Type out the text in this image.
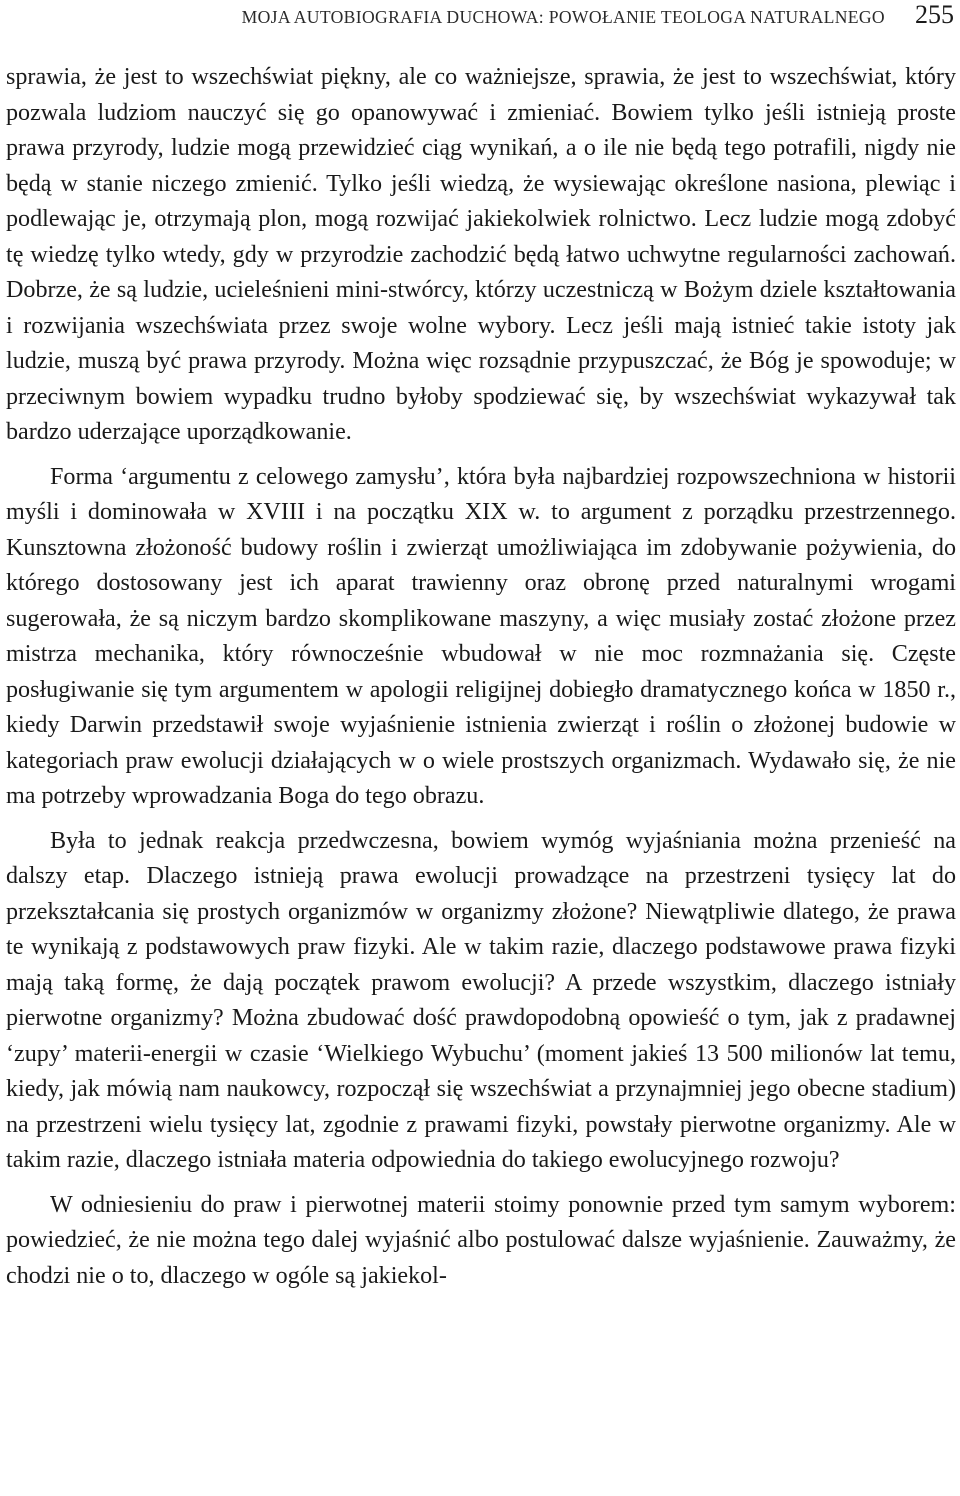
MOJA AUTOBIOGRAFIA DUCHOWA: POWOŁANIE TEOLOGA NATURALNEGO 255

sprawia, że jest to wszechświat piękny, ale co ważniejsze, sprawia, że jest to wszechświat, który pozwala ludziom nauczyć się go opanowywać i zmieniać. Bowiem tylko jeśli istnieją proste prawa przyrody, ludzie mogą przewidzieć ciąg wynikań, a o ile nie będą tego potrafili, nigdy nie będą w stanie niczego zmienić. Tylko jeśli wiedzą, że wysiewając określone nasiona, plewiąc i podlewając je, otrzymają plon, mogą rozwijać jakiekolwiek rolnictwo. Lecz ludzie mogą zdobyć tę wiedzę tylko wtedy, gdy w przyrodzie zachodzić będą łatwo uchwytne regularności zachowań. Dobrze, że są ludzie, ucieleśnieni mini-stwórcy, którzy uczestniczą w Bożym dziele kształtowania i rozwijania wszechświata przez swoje wolne wybory. Lecz jeśli mają istnieć takie istoty jak ludzie, muszą być prawa przyrody. Można więc rozsądnie przypuszczać, że Bóg je spowoduje; w przeciwnym bowiem wypadku trudno byłoby spodziewać się, by wszechświat wykazywał tak bardzo uderzające uporządkowanie.

Forma ‘argumentu z celowego zamysłu’, która była najbardziej rozpowszechniona w historii myśli i dominowała w XVIII i na początku XIX w. to argument z porządku przestrzennego. Kunsztowna złożoność budowy roślin i zwierząt umożliwiająca im zdobywanie pożywienia, do którego dostosowany jest ich aparat trawienny oraz obronę przed naturalnymi wrogami sugerowała, że są niczym bardzo skomplikowane maszyny, a więc musiały zostać złożone przez mistrza mechanika, który równocześnie wbudował w nie moc rozmnażania się. Częste posługiwanie się tym argumentem w apologii religijnej dobiegło dramatycznego końca w 1850 r., kiedy Darwin przedstawił swoje wyjaśnienie istnienia zwierząt i roślin o złożonej budowie w kategoriach praw ewolucji działających w o wiele prostszych organizmach. Wydawało się, że nie ma potrzeby wprowadzania Boga do tego obrazu.

Była to jednak reakcja przedwczesna, bowiem wymóg wyjaśniania można przenieść na dalszy etap. Dlaczego istnieją prawa ewolucji prowadzące na przestrzeni tysięcy lat do przekształcania się prostych organizmów w organizmy złożone? Niewątpliwie dlatego, że prawa te wynikają z podstawowych praw fizyki. Ale w takim razie, dlaczego podstawowe prawa fizyki mają taką formę, że dają początek prawom ewolucji? A przede wszystkim, dlaczego istniały pierwotne organizmy? Można zbudować dość prawdopodobną opowieść o tym, jak z pradawnej ‘zupy’ materii-energii w czasie ‘Wielkiego Wybuchu’ (moment jakieś 13 500 milionów lat temu, kiedy, jak mówią nam naukowcy, rozpoczął się wszechświat a przynajmniej jego obecne stadium) na przestrzeni wielu tysięcy lat, zgodnie z prawami fizyki, powstały pierwotne organizmy. Ale w takim razie, dlaczego istniała materia odpowiednia do takiego ewolucyjnego rozwoju?

W odniesieniu do praw i pierwotnej materii stoimy ponownie przed tym samym wyborem: powiedzieć, że nie można tego dalej wyjaśnić albo postulować dalsze wyjaśnienie. Zauważmy, że chodzi nie o to, dlaczego w ogóle są jakiekol-
